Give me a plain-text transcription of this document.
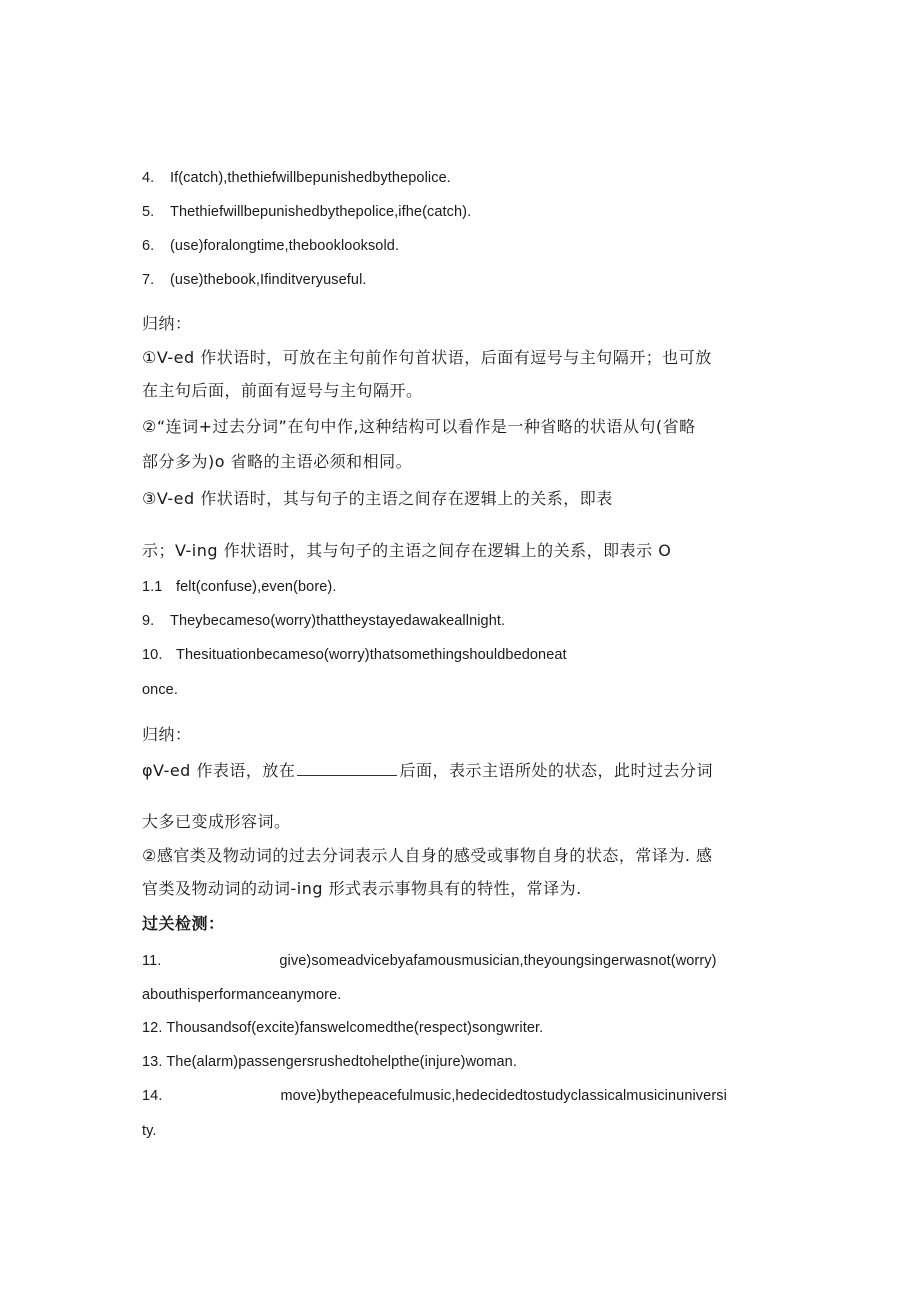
4. If(catch),thethiefwillbepunishedbythepolice.
5. Thethiefwillbepunishedbythepolice,ifhe(catch).
6. (use)foralongtime,thebooklooksold.
7. (use)thebook,Ifinditveryuseful.
归纳：
①V-ed 作状语时，可放在主句前作句首状语，后面有逗号与主句隔开；也可放
在主句后面，前面有逗号与主句隔开。
②“连词+过去分词”在句中作,这种结构可以看作是一种省略的状语从句(省略
部分多为)o 省略的主语必须和相同。
③V-ed 作状语时，其与句子的主语之间存在逻辑上的关系，即表
示；V-ing 作状语时，其与句子的主语之间存在逻辑上的关系，即表示 O
1.1 felt(confuse),even(bore).
9. Theybecameso(worry)thattheystayedawakeallnight.
10. Thesituationbecameso(worry)thatsomethingshouldbedoneat
once.
归纳：
φV-ed 作表语，放在	后面，表示主语所处的状态，此时过去分词
大多已变成形容词。
②感官类及物动词的过去分词表示人自身的感受或事物自身的状态，常译为. 感
官类及物动词的动词-ing 形式表示事物具有的特性，常译为.
过关检测：
11.	give)someadvicebyafamousmusician,theyoungsingerwasnot(worry)
abouthisperformanceanymore.
12. Thousandsof(excite)fanswelcomedthe(respect)songwriter.
13. The(alarm)passengersrushedtohelpthe(injure)woman.
14.	move)bythepeacefulmusic,hedecidedtostudyclassicalmusicinuniversi
ty.
